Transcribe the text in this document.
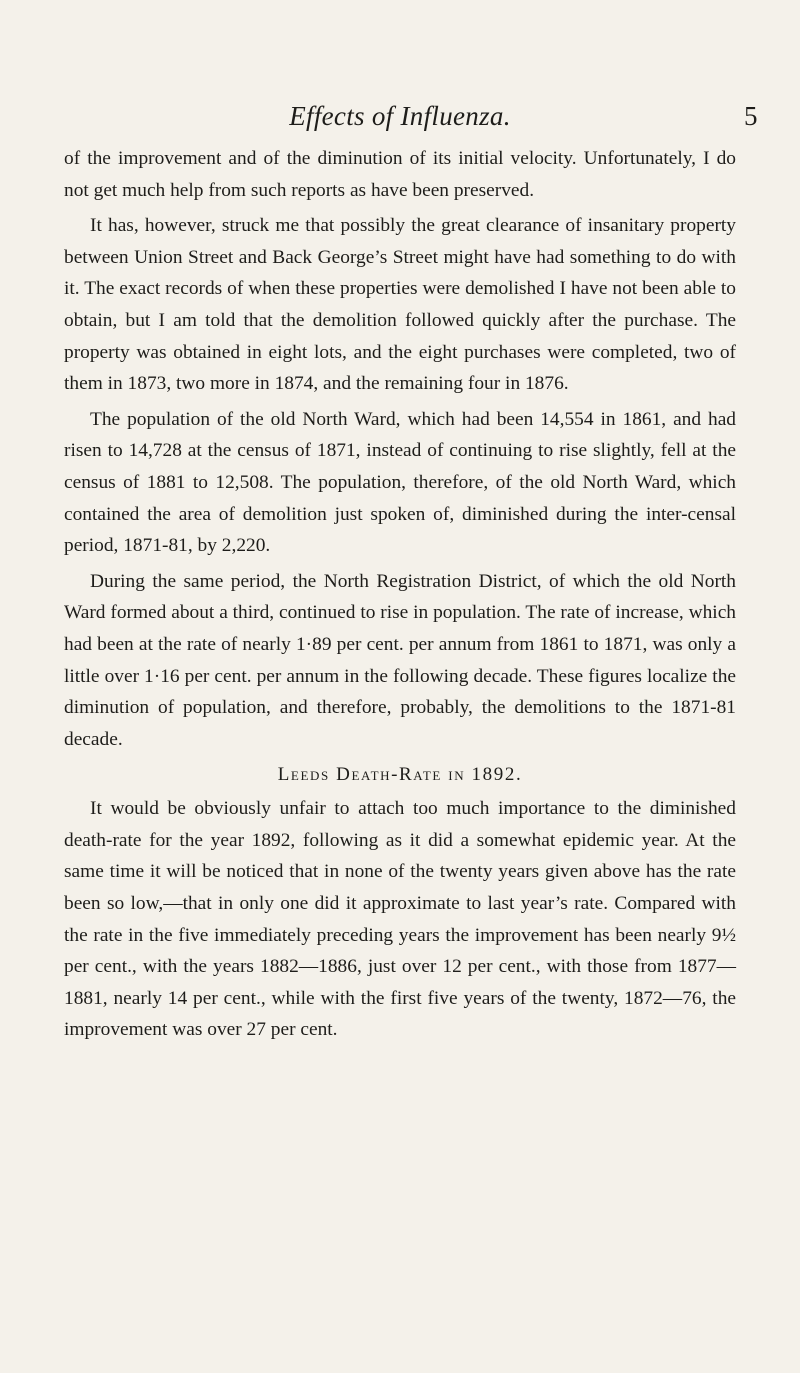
Effects of Influenza.	5

of the improvement and of the diminution of its initial velocity. Unfortunately, I do not get much help from such reports as have been preserved.

It has, however, struck me that possibly the great clearance of insanitary property between Union Street and Back George’s Street might have had something to do with it. The exact records of when these properties were demolished I have not been able to obtain, but I am told that the demolition followed quickly after the purchase. The property was obtained in eight lots, and the eight purchases were completed, two of them in 1873, two more in 1874, and the remaining four in 1876.

The population of the old North Ward, which had been 14,554 in 1861, and had risen to 14,728 at the census of 1871, instead of continuing to rise slightly, fell at the census of 1881 to 12,508. The population, therefore, of the old North Ward, which contained the area of demolition just spoken of, diminished during the inter-censal period, 1871-81, by 2,220.

During the same period, the North Registration District, of which the old North Ward formed about a third, continued to rise in population. The rate of increase, which had been at the rate of nearly 1·89 per cent. per annum from 1861 to 1871, was only a little over 1·16 per cent. per annum in the following decade. These figures localize the diminution of population, and therefore, probably, the demolitions to the 1871-81 decade.

Leeds Death-Rate in 1892.

It would be obviously unfair to attach too much importance to the diminished death-rate for the year 1892, following as it did a somewhat epidemic year. At the same time it will be noticed that in none of the twenty years given above has the rate been so low,—that in only one did it approximate to last year’s rate. Compared with the rate in the five immediately preceding years the improvement has been nearly 9½ per cent., with the years 1882—1886, just over 12 per cent., with those from 1877—1881, nearly 14 per cent., while with the first five years of the twenty, 1872—76, the improvement was over 27 per cent.
